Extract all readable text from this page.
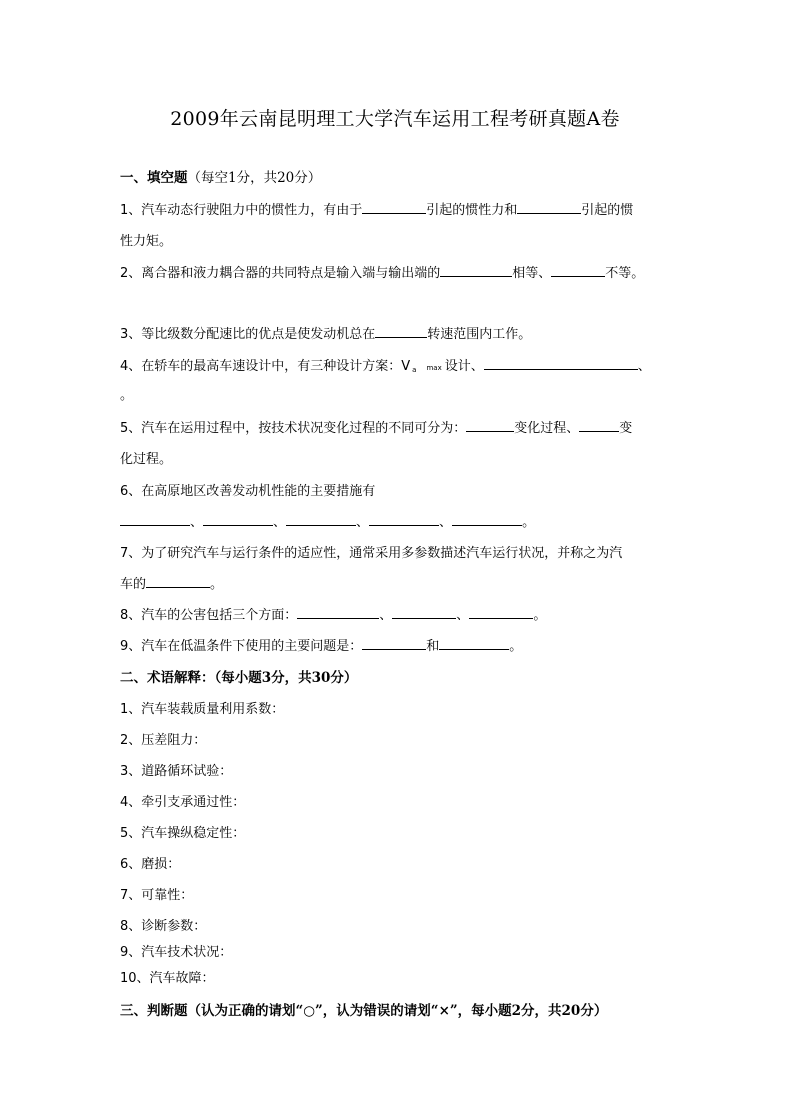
2009年云南昆明理工大学汽车运用工程考研真题A卷
一、填空题（每空1分，共20分）
1、汽车动态行驶阻力中的惯性力，有由于	引起的惯性力和	引起的惯
性力矩。
2、离合器和液力耦合器的共同特点是输入端与输出端的	相等、	不等。
3、等比级数分配速比的优点是使发动机总在	转速范围内工作。
4、在轿车的最高车速设计中，有三种设计方案：V $_a$ max 设计、	、
。
5、汽车在运用过程中，按技术状况变化过程的不同可分为：	变化过程、	变
化过程。
6、在高原地区改善发动机性能的主要措施有
、	、	、	、	。
7、为了研究汽车与运行条件的适应性，通常采用多参数描述汽车运行状况，并称之为汽
车的	。
8、汽车的公害包括三个方面：	、	、	。
9、汽车在低温条件下使用的主要问题是：	和	。
二、术语解释：（每小题3分，共30分）
1、汽车装载质量利用系数：
2、压差阻力：
3、道路循环试验：
4、牵引支承通过性：
5、汽车操纵稳定性：
6、磨损：
7、可靠性：
8、诊断参数：
9、汽车技术状况：
10、汽车故障：
三、判断题（认为正确的请划“○”，认为错误的请划“×”，每小题2分，共20分）
